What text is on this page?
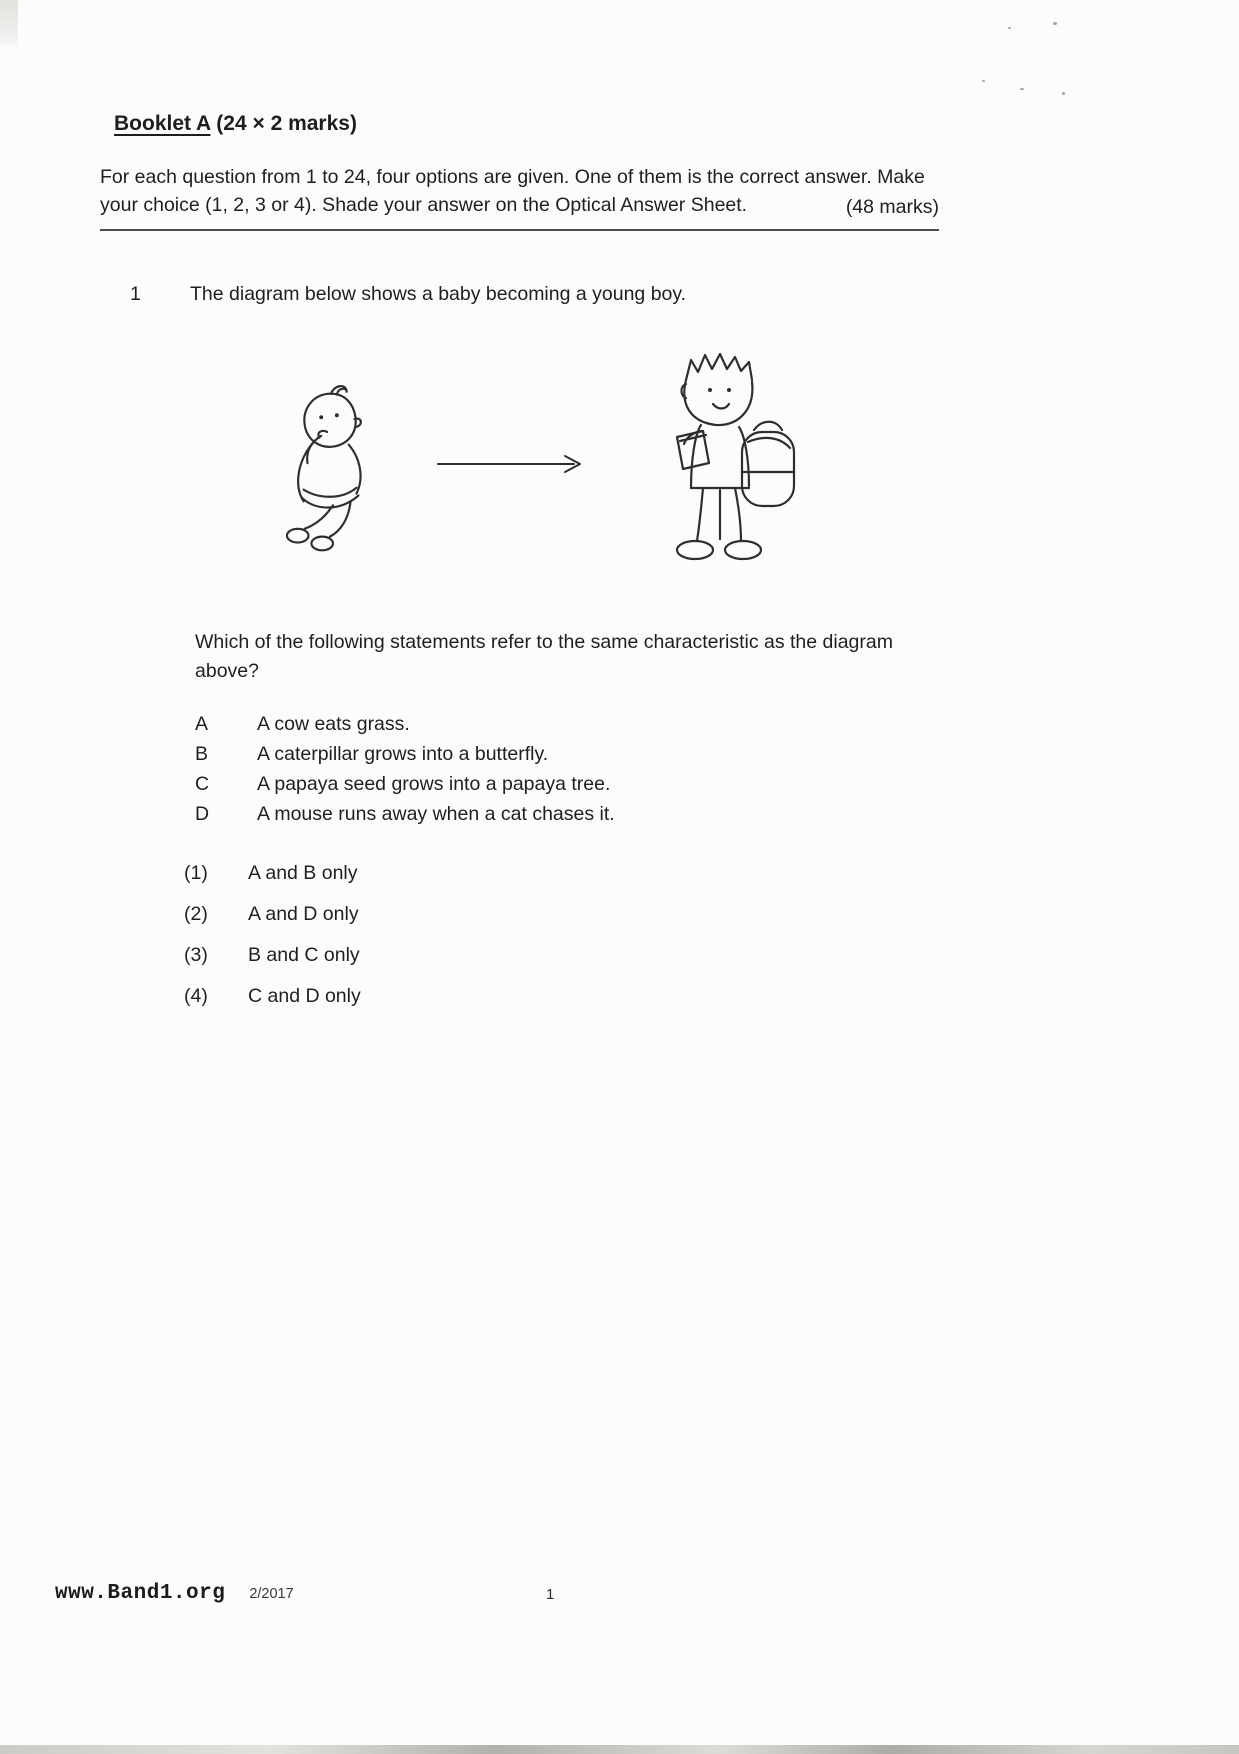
Booklet A (24 × 2 marks)

For each question from 1 to 24, four options are given. One of them is the correct answer. Make your choice (1, 2, 3 or 4). Shade your answer on the Optical Answer Sheet.	(48 marks)

1	The diagram below shows a baby becoming a young boy.

Which of the following statements refer to the same characteristic as the diagram above?

A	A cow eats grass.
B	A caterpillar grows into a butterfly.
C	A papaya seed grows into a papaya tree.
D	A mouse runs away when a cat chases it.
(1)	A and B only
(2)	A and D only
(3)	B and C only
(4)	C and D only
www.Band1.org 2/2017	1
